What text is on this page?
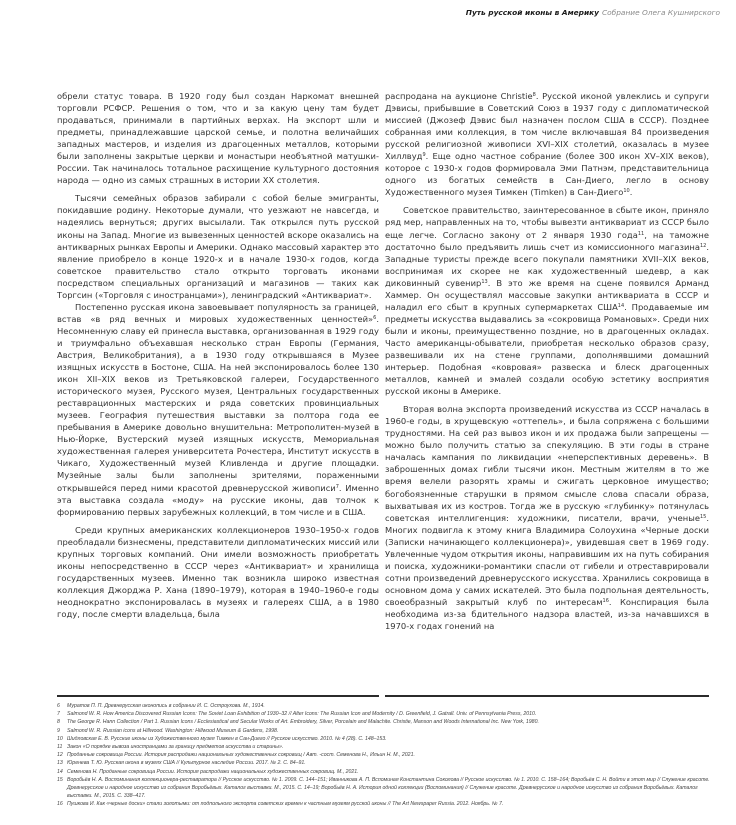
Путь русской иконы в Америку Собрание Олега Кушнирского

обрели статус товара. В 1920 году был создан Наркомат внешней торговли РСФСР. Решения о том, что и за какую цену там будет продаваться, принимали в партийных верхах. На экспорт шли и предметы, принадлежавшие царской семье, и полотна величайших западных мастеров, и изделия из драгоценных металлов, которыми были заполнены закрытые церкви и монастыри необъятной матушки-России. Так начиналось тотальное расхищение культурного достояния народа — одно из самых страшных в истории XX столетия.

Тысячи семейных образов забирали с собой белые эмигранты, покидавшие родину. Некоторые думали, что уезжают не навсегда, и надеялись вернуться; других высылали. Так открылся путь русской иконы на Запад. Многие из вывезенных ценностей вскоре оказались на антикварных рынках Европы и Америки. Однако массовый характер это явление приобрело в конце 1920-х и в начале 1930-х годов, когда советское правительство стало открыто торговать иконами посредством специальных организаций и магазинов — таких как Торгсин («Торговля с иностранцами»), ленинградский «Антиквариат».

Постепенно русская икона завоевывает популярность за границей, встав «в ряд вечных и мировых художественных ценностей»$^6$. Несомненную славу ей принесла выставка, организованная в 1929 году и триумфально объехавшая несколько стран Европы (Германия, Австрия, Великобритания), а в 1930 году открывшаяся в Музее изящных искусств в Бостоне, США. На ней экспонировалось более 130 икон XII–XIX веков из Третьяковской галереи, Государственного исторического музея, Русского музея, Центральных государственных реставрационных мастерских и ряда советских провинциальных музеев. География путешествия выставки за полтора года ее пребывания в Америке довольно внушительна: Метрополитен-музей в Нью-Йорке, Вустерский музей изящных искусств, Мемориальная художественная галерея университета Рочестера, Институт искусств в Чикаго, Художественный музей Кливленда и другие площадки. Музейные залы были заполнены зрителями, пораженными открывшейся перед ними красотой древнерусской живописи$^7$. Именно эта выставка создала «моду» на русские иконы, дав толчок к формированию первых зарубежных коллекций, в том числе и в США.

Среди крупных американских коллекционеров 1930–1950-х годов преобладали бизнесмены, представители дипломатических миссий или крупных торговых компаний. Они имели возможность приобретать иконы непосредственно в СССР через «Антиквариат» и хранилища государственных музеев. Именно так возникла широко известная коллекция Джорджа Р. Хана (1890–1979), которая в 1940–1960-е годы неоднократно экспонировалась в музеях и галереях США, а в 1980 году, после смерти владельца, была

распродана на аукционе Christie$^8$. Русской иконой увлеклись и супруги Дэвисы, прибывшие в Советский Союз в 1937 году с дипломатической миссией (Джозеф Дэвис был назначен послом США в СССР). Позднее собранная ими коллекция, в том числе включавшая 84 произведения русской религиозной живописи XVI–XIX столетий, оказалась в музее Хиллвуд$^9$. Еще одно частное собрание (более 300 икон XV–XIX веков), которое с 1930-х годов формировала Эми Патнэм, представительница одного из богатых семейств в Сан-Диего, легло в основу Художественного музея Тимкен (Timken) в Сан-Диего$^{10}$.

Советское правительство, заинтересованное в сбыте икон, приняло ряд мер, направленных на то, чтобы вывезти антиквариат из СССР было еще легче. Согласно закону от 2 января 1930 года$^{11}$, на таможне достаточно было предъявить лишь счет из комиссионного магазина$^{12}$. Западные туристы прежде всего покупали памятники XVII–XIX веков, воспринимая их скорее не как художественный шедевр, а как диковинный сувенир$^{13}$. В это же время на сцене появился Арманд Хаммер. Он осуществлял массовые закупки антиквариата в СССР и наладил его сбыт в крупных супермаркетах США$^{14}$. Продаваемые им предметы искусства выдавались за «сокровища Романовых». Среди них были и иконы, преимущественно поздние, но в драгоценных окладах. Часто американцы-обыватели, приобретая несколько образов сразу, развешивали их на стене группами, дополнявшими домашний интерьер. Подобная «ковровая» развеска и блеск драгоценных металлов, камней и эмалей создали особую эстетику восприятия русской иконы в Америке.

Вторая волна экспорта произведений искусства из СССР началась в 1960-е годы, в хрущевскую «оттепель», и была сопряжена с большими трудностями. На сей раз вывоз икон и их продажа были запрещены — можно было получить статью за спекуляцию. В эти годы в стране началась кампания по ликвидации «неперспективных деревень». В заброшенных домах гибли тысячи икон. Местным жителям в то же время велели разорять храмы и сжигать церковное имущество; богобоязненные старушки в прямом смысле слова спасали образа, выхватывая их из костров. Тогда же в русскую «глубинку» потянулась советская интеллигенция: художники, писатели, врачи, ученые$^{15}$. Многих подвигла к этому книга Владимира Солоухина «Черные доски (Записки начинающего коллекционера)», увидевшая свет в 1969 году. Увлеченные чудом открытия иконы, направившим их на путь собирания и поиска, художники-романтики спасли от гибели и отреставрировали сотни произведений древнерусского искусства. Хранились сокровища в основном дома у самих искателей. Это была подпольная деятельность, своеобразный закрытый клуб по интересам$^{16}$. Конспирация была необходима из-за бдительного надзора властей, из-за начавшихся в 1970-х годах гонений на

6	Муратов П. П. Древнерусская иконопись в собрании И. С. Остроухова. М., 1914.
7	Salmond W. R. How America Discovered Russian Icons: The Soviet Loan Exhibition of 1930–32 // Alter Icons: The Russian Icon and Modernity / D. Greenfield, J. Gatrall. Univ. of Pennsylvania Press, 2010.
8	The George R. Hann Collection / Part 1. Russian Icons / Ecclesiastical and Secular Works of Art. Embroidery, Silver, Porcelain and Malachite. Christie, Manson and Woods International Inc. New York, 1980.
9	Salmond W. R. Russian icons at Hillwood. Washington: Hillwood Museum & Gardens, 1998.
10 Шидловская Е. В. Русские иконы из Художественного музея Тимкен в Сан-Диего // Русское искусство. 2010. № 4 (28). С. 148–153.
11 Закон «О порядке вывоза иностранцами за границу предметов искусства и старины».
12 Проданные сокровища России. История распродажи национальных художественных сокровищ / Авт. -сост. Семенова Н., Ильин Н. М., 2021.
13 Юренева Т. Ю. Русская икона в музеях США // Культурное наследие России. 2017. № 2. С. 84–91.
14 Семенова Н. Проданные сокровища России. История распродажи национальных художественных сокровищ. М., 2021.
15 Воробьёв Н. А. Воспоминания коллекционера-реставратора // Русское искусство. № 1. 2009. С. 144–151; Иванникова А. П. Вспоминая Константина Соколова // Русское искусство. № 1. 2010. С. 158–164; Воробьёв С. Н. Войти в этот мир // Служение красоте. Древнерусское и народное искусство из собрания Воробьёвых. Каталог выставки. М., 2015. С. 14–19; Воробьёв Н. А. История одной коллекции (Воспоминания) // Служение красоте. Древнерусское и народное искусство из собрания Воробьёвых. Каталог выставки. М., 2015. С. 338–417.
16 Пушкова И. Как «черные доски» стали золотыми: от подпольного экспорта советских времен к частным музеям русской иконы // The Art Newspaper Russia. 2012. Ноябрь. № 7.
